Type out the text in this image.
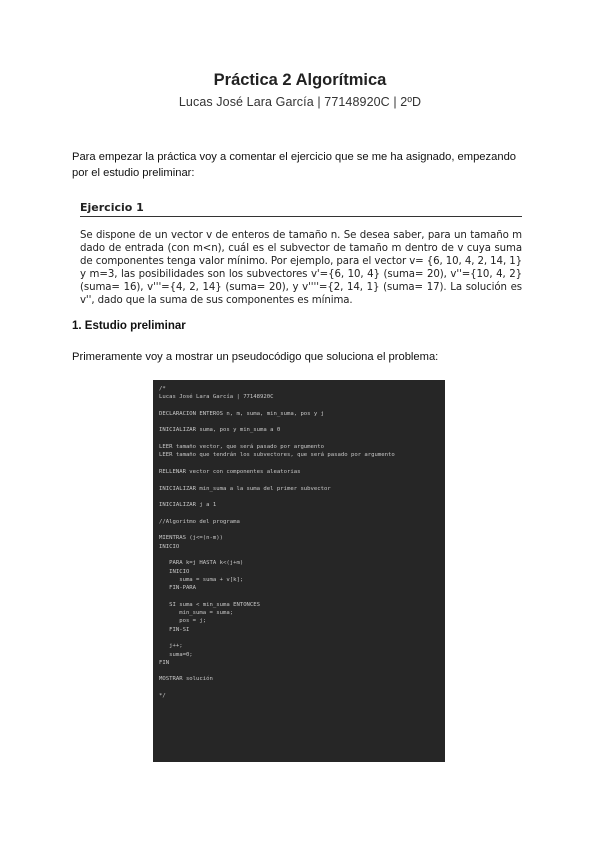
Práctica 2 Algorítmica
Lucas José Lara García | 77148920C | 2ºD

Para empezar la práctica voy a comentar el ejercicio que se me ha asignado, empezando por el estudio preliminar:

Ejercicio 1
Se dispone de un vector v de enteros de tamaño n. Se desea saber, para un tamaño m dado de entrada (con m<n), cuál es el subvector de tamaño m dentro de v cuya suma de componentes tenga valor mínimo. Por ejemplo, para el vector v= {6, 10, 4, 2, 14, 1} y m=3, las posibilidades son los subvectores v'={6, 10, 4} (suma= 20), v''={10, 4, 2} (suma= 16), v'''={4, 2, 14} (suma= 20), y v''''={2, 14, 1} (suma= 17). La solución es v'', dado que la suma de sus componentes es mínima.
1. Estudio preliminar
Primeramente voy a mostrar un pseudocódigo que soluciona el problema:
/*
Lucas José Lara García | 77148920C

DECLARACION ENTEROS n, m, suma, min_suma, pos y j

INICIALIZAR suma, pos y min_suma a 0

LEER tamaño vector, que será pasado por argumento
LEER tamaño que tendrán los subvectores, que será pasado por argumento

RELLENAR vector con componentes aleatorias

INICIALIZAR min_suma a la suma del primer subvector

INICIALIZAR j a 1

//Algoritmo del programa

MIENTRAS (j<=(n-m))
INICIO

PARA k=j HASTA k<(j+m)
INICIO
suma = suma + v[k];
FIN-PARA

SI suma < min_suma ENTONCES
min_suma = suma;
pos = j;
FIN-SI

j++;
suma=0;
FIN

MOSTRAR solución

*/
